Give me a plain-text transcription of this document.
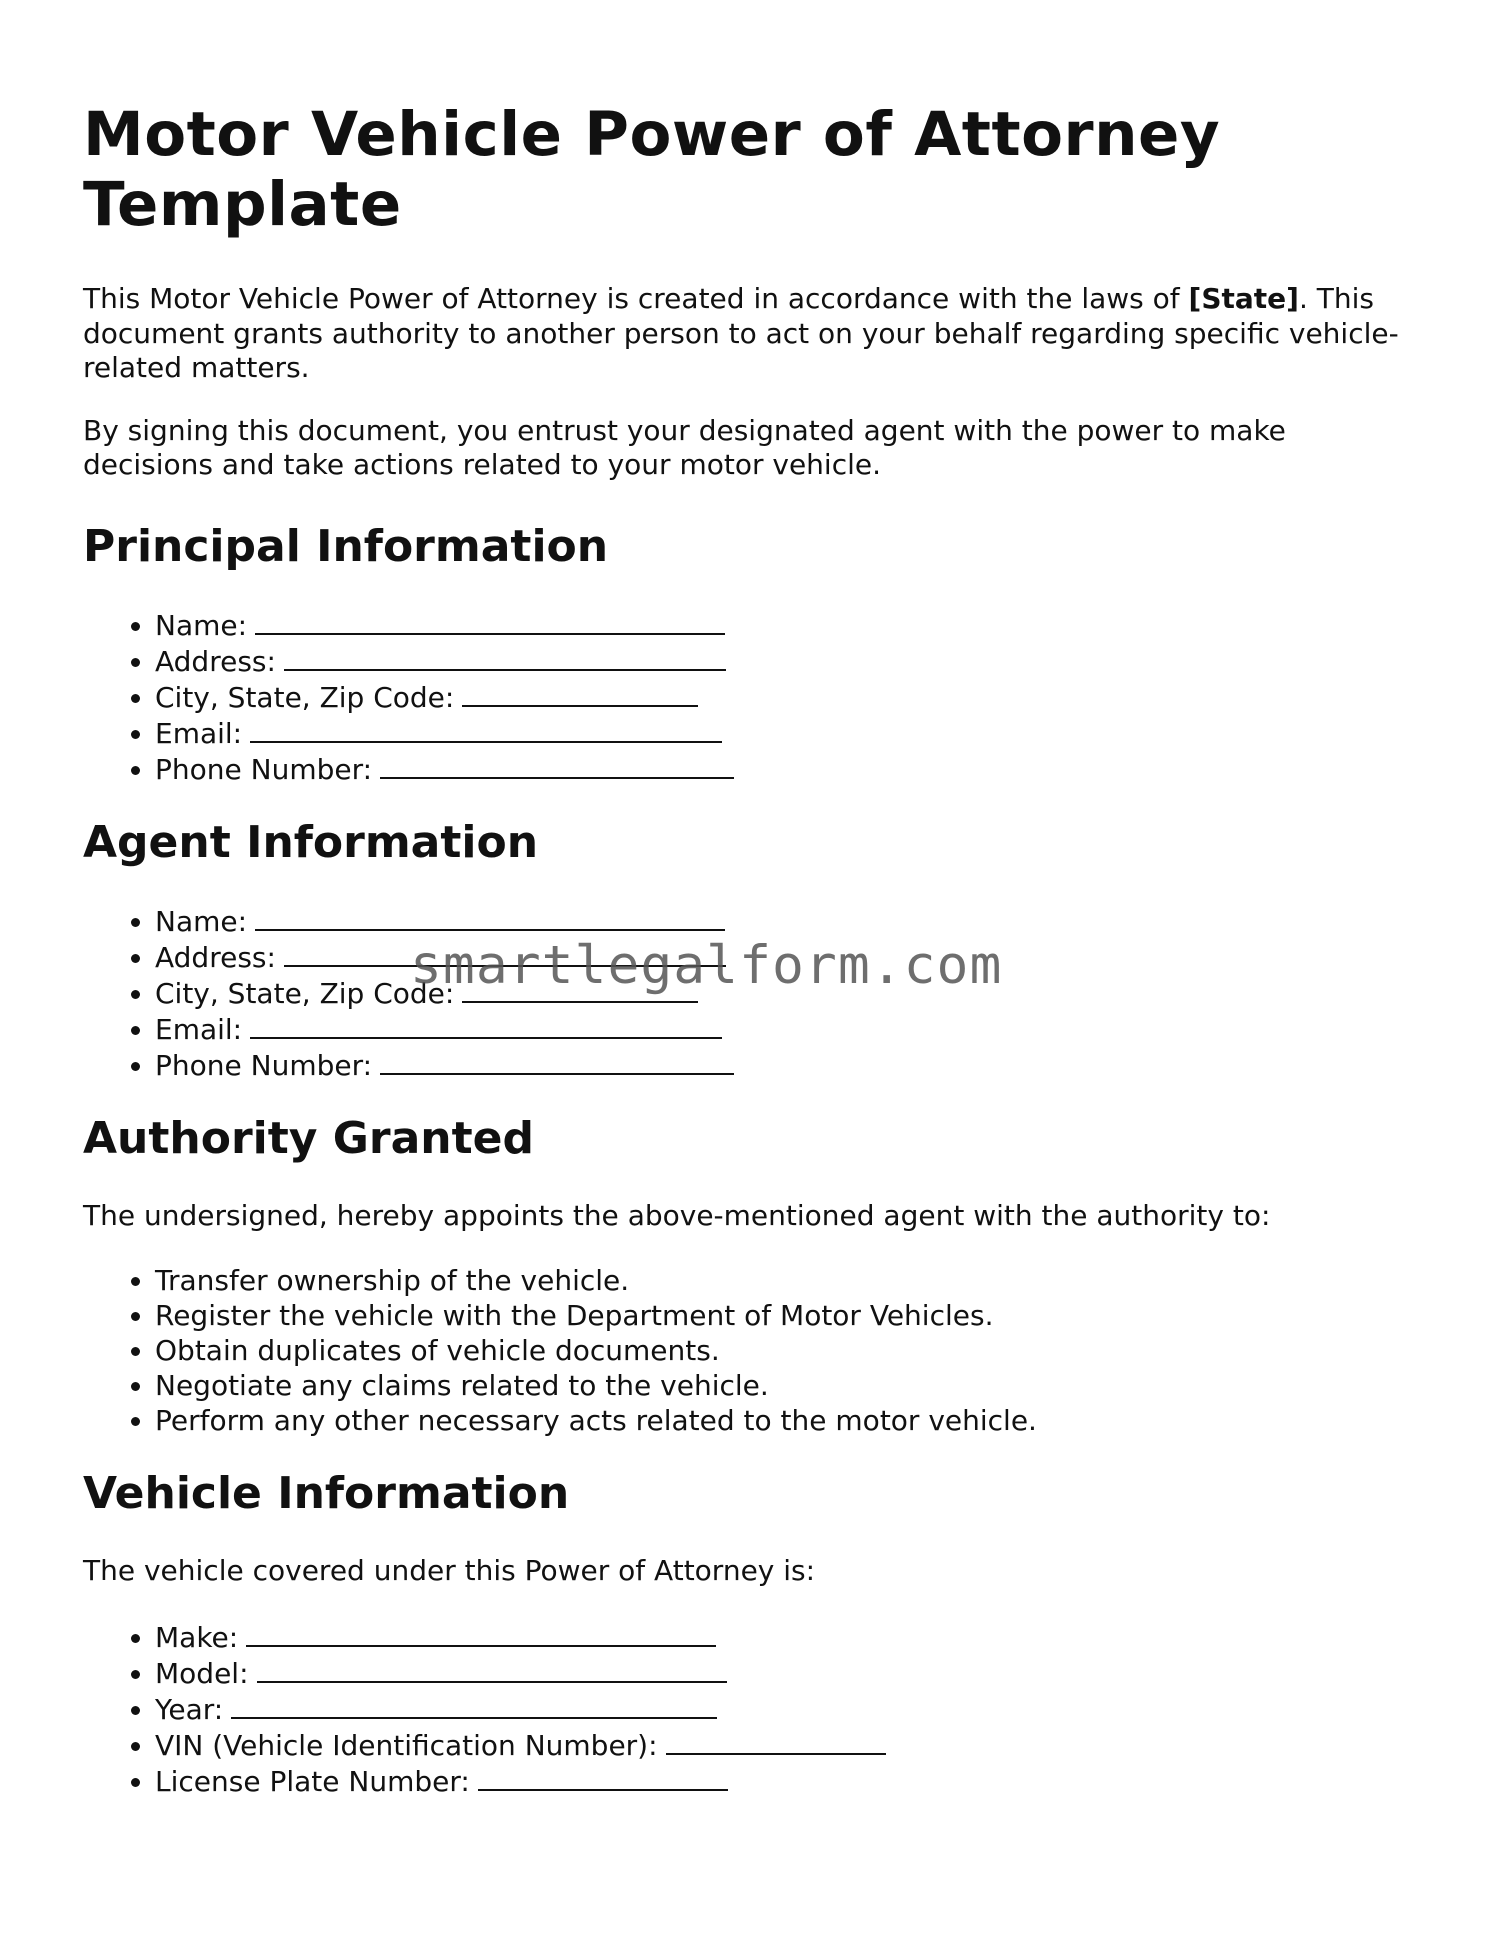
Motor Vehicle Power of Attorney Template

This Motor Vehicle Power of Attorney is created in accordance with the laws of [State]. This document grants authority to another person to act on your behalf regarding specific vehicle-related matters.

By signing this document, you entrust your designated agent with the power to make decisions and take actions related to your motor vehicle.

Principal Information
• Name:
• Address:
• City, State, Zip Code:
• Email:
• Phone Number:
Agent Information
• Name:
• Address:
• City, State, Zip Code:
• Email:
• Phone Number:
Authority Granted

The undersigned, hereby appoints the above-mentioned agent with the authority to:

• Transfer ownership of the vehicle.
• Register the vehicle with the Department of Motor Vehicles.
• Obtain duplicates of vehicle documents.
• Negotiate any claims related to the vehicle.
• Perform any other necessary acts related to the motor vehicle.
Vehicle Information

The vehicle covered under this Power of Attorney is:

• Make:
• Model:
• Year:
• VIN (Vehicle Identification Number):
• License Plate Number:
smartlegalform.com
